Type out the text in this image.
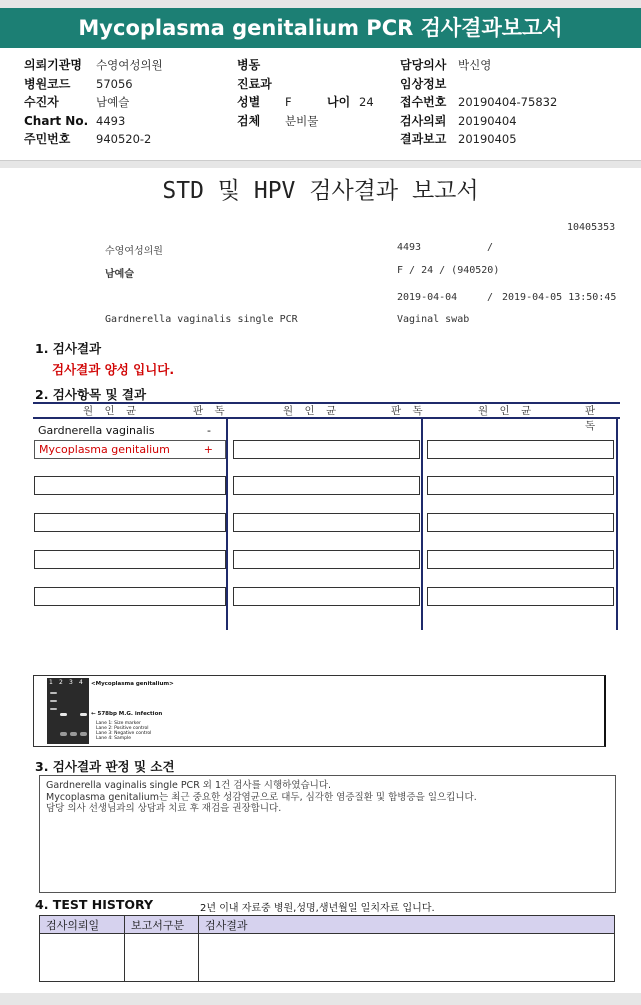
Mycoplasma genitalium PCR 검사결과보고서
의뢰기관명 수영여성의원
병원코드 57056
수진자	남예슬
Chart No. 4493
주민번호 940520-2
병동
진료과
성별 F	나이 24
검체 분비물
담당의사 박신영
임상정보
접수번호 20190404-75832
검사의뢰 20190404
결과보고 20190405
STD 및 HPV 검사결과 보고서
10405353
수영여성의원	4493	/
남예슬	F / 24 / (940520)
2019-04-04	/ 2019-04-05 13:50:45
Gardnerella vaginalis single PCR	Vaginal swab
1. 검사결과
검사결과 양성 입니다.
2. 검사항목 및 결과
원 인 균	판 독	원 인 균	판 독	원 인 균	판 독
Gardnerella vaginalis	-
Mycoplasma genitalium	+
1 2 3 4 <Mycoplasma genitalium>
← 578bp M.G. infection
Lane 1: Size marker
Lane 2: Positive control
Lane 3: Negative control
Lane 4: Sample
3. 검사결과 판정 및 소견
Gardnerella vaginalis single PCR 외 1건 검사를 시행하였습니다.
Mycoplasma genitalium는 최근 중요한 성감염균으로 대두, 심각한 염증질환 및 합병증을 일으킵니다.
담당 의사 선생님과의 상담과 치료 후 재검을 권장합니다.
4. TEST HISTORY	2년 이내 자료중 병원,성명,생년월일 일치자료 입니다.
검사의뢰일	보고서구분	검사결과
